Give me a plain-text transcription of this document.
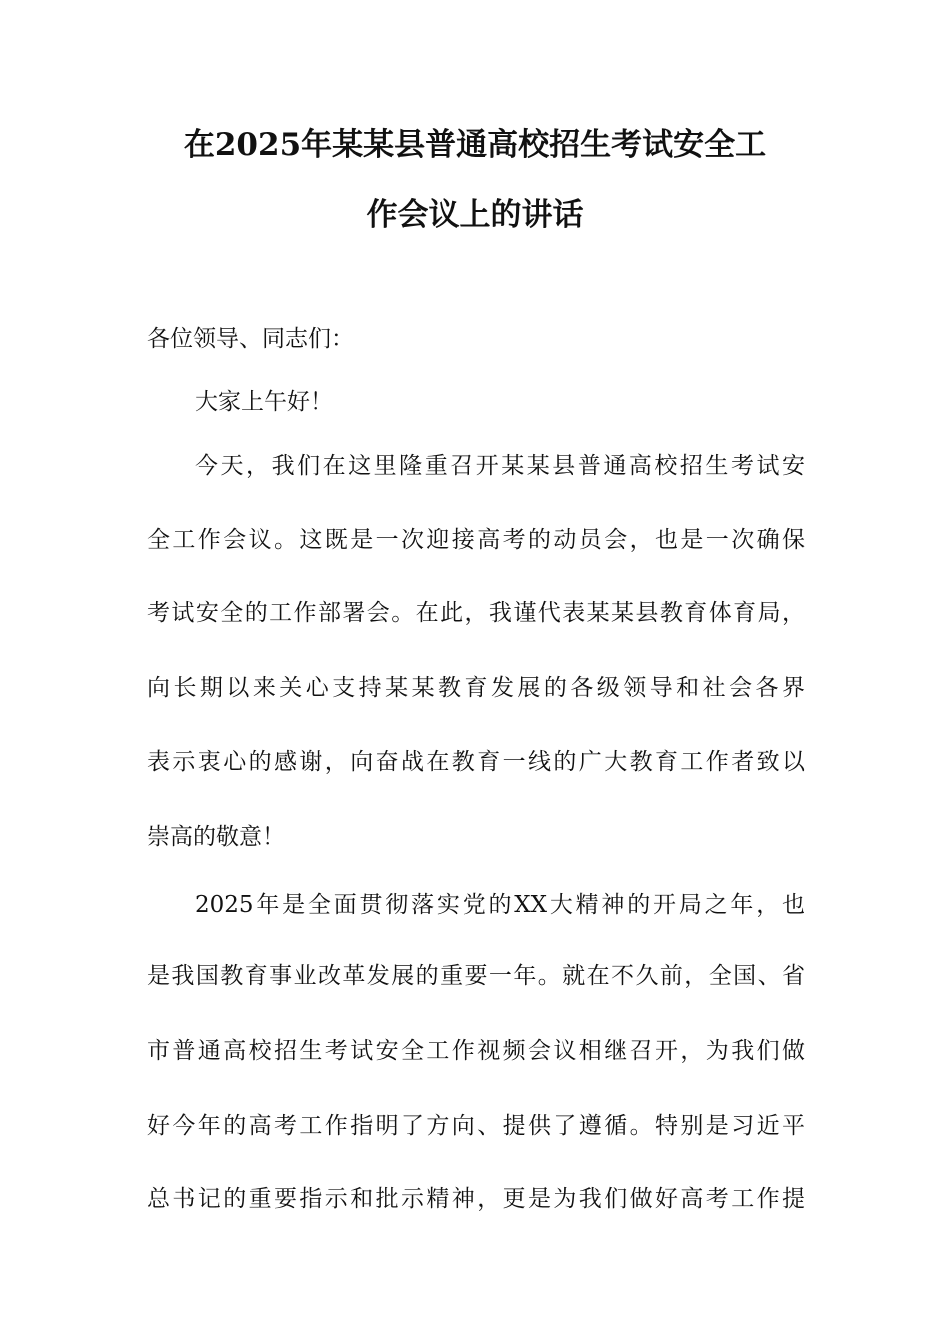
在2025年某某县普通高校招生考试安全工
作会议上的讲话
各位领导、同志们：
大家上午好！
今天，我们在这里隆重召开某某县普通高校招生考试安
全工作会议。这既是一次迎接高考的动员会，也是一次确保
考试安全的工作部署会。在此，我谨代表某某县教育体育局，
向长期以来关心支持某某教育发展的各级领导和社会各界
表示衷心的感谢，向奋战在教育一线的广大教育工作者致以
崇高的敬意！
2025年是全面贯彻落实党的XX大精神的开局之年，也
是我国教育事业改革发展的重要一年。就在不久前，全国、省
市普通高校招生考试安全工作视频会议相继召开，为我们做
好今年的高考工作指明了方向、提供了遵循。特别是习近平
总书记的重要指示和批示精神，更是为我们做好高考工作提
